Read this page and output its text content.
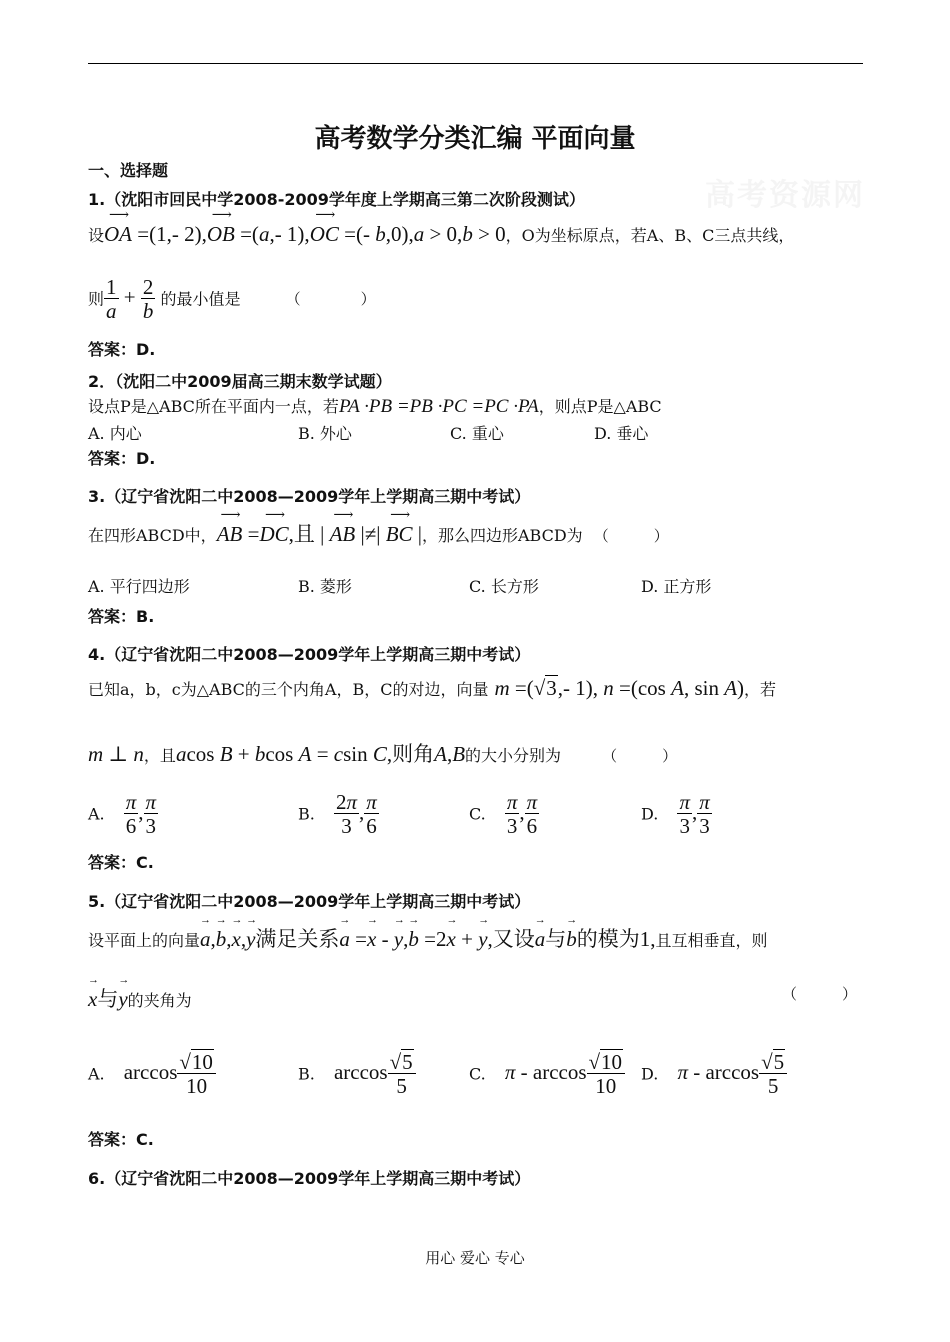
高考资源网
高考数学分类汇编 平面向量
一、选择题
1.（沈阳市回民中学2008-2009学年度上学期高三第二次阶段测试）
设⟶ OA =(1,- 2),⟶ OB =(a,- 1),⟶ OC =(- b,0),a > 0,b > 0，O为坐标原点，若A、B、C三点共线，
则 $\frac{1}{a} + \frac{2}{b}$ 的最小值是	（　　　　）
答案：D.
2．（沈阳二中2009届高三期末数学试题）
设点P是△ABC所在平面内一点，若PA ·PB =PB ·PC =PC ·PA，则点P是△ABC
A. 内心	B. 外心	C. 重心	D. 垂心
答案：D.
3.（辽宁省沈阳二中2008—2009学年上学期高三期中考试）
在四形ABCD中，⟶ AB =⟶ DC,且 | ⟶ AB |≠| ⟶ BC |，那么四边形ABCD为 （　　　）
A. 平行四边形	B. 菱形	C. 长方形	D. 正方形
答案：B.
4.（辽宁省沈阳二中2008—2009学年上学期高三期中考试）
已知a，b，c为△ABC的三个内角A，B，C的对边，向量 m =(√3,- 1), n =(cos A, sin A)，若
m ⊥ n，且acos B + bcos A = csin C,则角A,B的大小分别为	（　　　）
A. $\frac{\pi}{6}$ , $\frac{\pi}{3}$	B. $\frac{2\pi}{3}$ , $\frac{\pi}{6}$	C. $\frac{\pi}{3}$ , $\frac{\pi}{6}$	D. $\frac{\pi}{3}$ , $\frac{\pi}{3}$
答案：C.
5.（辽宁省沈阳二中2008—2009学年上学期高三期中考试）
设平面上的向量→ a,→ b,→ x,→ y满足关系→ a =→ x - → y,→ b =2→ x + → y,又设→ a与→ b的模为1,且互相垂直，则
→ x与→ y的夹角为	（　　　）
A. $\arccos \frac{√10}{10}$	B. $\arccos \frac{√5}{5}$	C. π - $\arccos \frac{√10}{10} D$. π - $\arccos \frac{√5}{5}$
答案：C.
6.（辽宁省沈阳二中2008—2009学年上学期高三期中考试）
用心 爱心 专心
